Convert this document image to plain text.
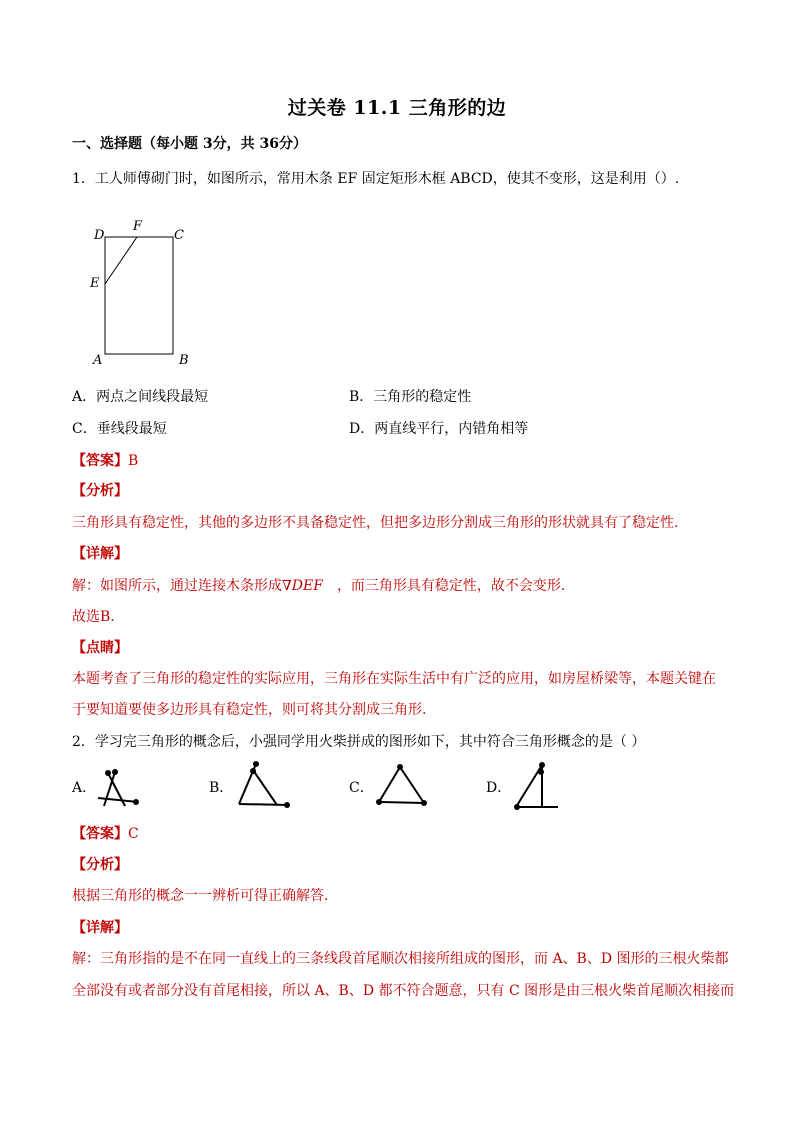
过关卷 11.1 三角形的边
一、选择题（每小题 3分，共 36分）
1．工人师傅砌门时，如图所示，常用木条 EF 固定矩形木框 ABCD，使其不变形，这是利用（）.
D
F
C
E
A	B
A．两点之间线段最短	B．三角形的稳定性
C．垂线段最短	D．两直线平行，内错角相等
【答案】B
【分析】
三角形具有稳定性，其他的多边形不具备稳定性，但把多边形分割成三角形的形状就具有了稳定性.
【详解】
解：如图所示，通过连接木条形成∇DEF ，而三角形具有稳定性，故不会变形.
故选B.
【点睛】
本题考查了三角形的稳定性的实际应用，三角形在实际生活中有广泛的应用，如房屋桥梁等，本题关键在
于要知道要使多边形具有稳定性，则可将其分割成三角形.
2．学习完三角形的概念后，小强同学用火柴拼成的图形如下，其中符合三角形概念的是（ ）
A．	B．	C．	D．
【答案】C
【分析】
根据三角形的概念一一辨析可得正确解答.
【详解】
解：三角形指的是不在同一直线上的三条线段首尾顺次相接所组成的图形，而 A、B、D 图形的三根火柴都
全部没有或者部分没有首尾相接，所以 A、B、D 都不符合题意，只有 C 图形是由三根火柴首尾顺次相接而
